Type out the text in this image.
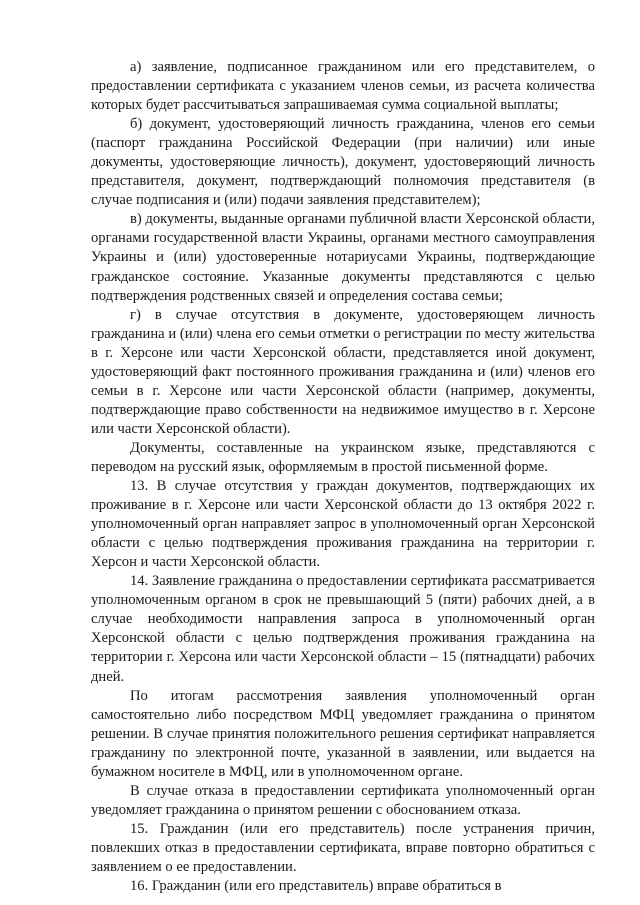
а) заявление, подписанное гражданином или его представителем, о предоставлении сертификата с указанием членов семьи, из расчета количества которых будет рассчитываться запрашиваемая сумма социальной выплаты;

б) документ, удостоверяющий личность гражданина, членов его семьи (паспорт гражданина Российской Федерации (при наличии) или иные документы, удостоверяющие личность), документ, удостоверяющий личность представителя, документ, подтверждающий полномочия представителя (в случае подписания и (или) подачи заявления представителем);

в) документы, выданные органами публичной власти Херсонской области, органами государственной власти Украины, органами местного самоуправления Украины и (или) удостоверенные нотариусами Украины, подтверждающие гражданское состояние. Указанные документы представляются с целью подтверждения родственных связей и определения состава семьи;

г) в случае отсутствия в документе, удостоверяющем личность гражданина и (или) члена его семьи отметки о регистрации по месту жительства в г. Херсоне или части Херсонской области, представляется иной документ, удостоверяющий факт постоянного проживания гражданина и (или) членов его семьи в г. Херсоне или части Херсонской области (например, документы, подтверждающие право собственности на недвижимое имущество в г. Херсоне или части Херсонской области).

Документы, составленные на украинском языке, представляются с переводом на русский язык, оформляемым в простой письменной форме.

13. В случае отсутствия у граждан документов, подтверждающих их проживание в г. Херсоне или части Херсонской области до 13 октября 2022 г. уполномоченный орган направляет запрос в уполномоченный орган Херсонской области с целью подтверждения проживания гражданина на территории г. Херсон и части Херсонской области.

14. Заявление гражданина о предоставлении сертификата рассматривается уполномоченным органом в срок не превышающий 5 (пяти) рабочих дней, а в случае необходимости направления запроса в уполномоченный орган Херсонской области с целью подтверждения проживания гражданина на территории г. Херсона или части Херсонской области – 15 (пятнадцати) рабочих дней.

По итогам рассмотрения заявления уполномоченный орган самостоятельно либо посредством МФЦ уведомляет гражданина о принятом решении. В случае принятия положительного решения сертификат направляется гражданину по электронной почте, указанной в заявлении, или выдается на бумажном носителе в МФЦ, или в уполномоченном органе.

В случае отказа в предоставлении сертификата уполномоченный орган уведомляет гражданина о принятом решении с обоснованием отказа.

15. Гражданин (или его представитель) после устранения причин, повлекших отказ в предоставлении сертификата, вправе повторно обратиться с заявлением о ее предоставлении.

16. Гражданин (или его представитель) вправе обратиться в
